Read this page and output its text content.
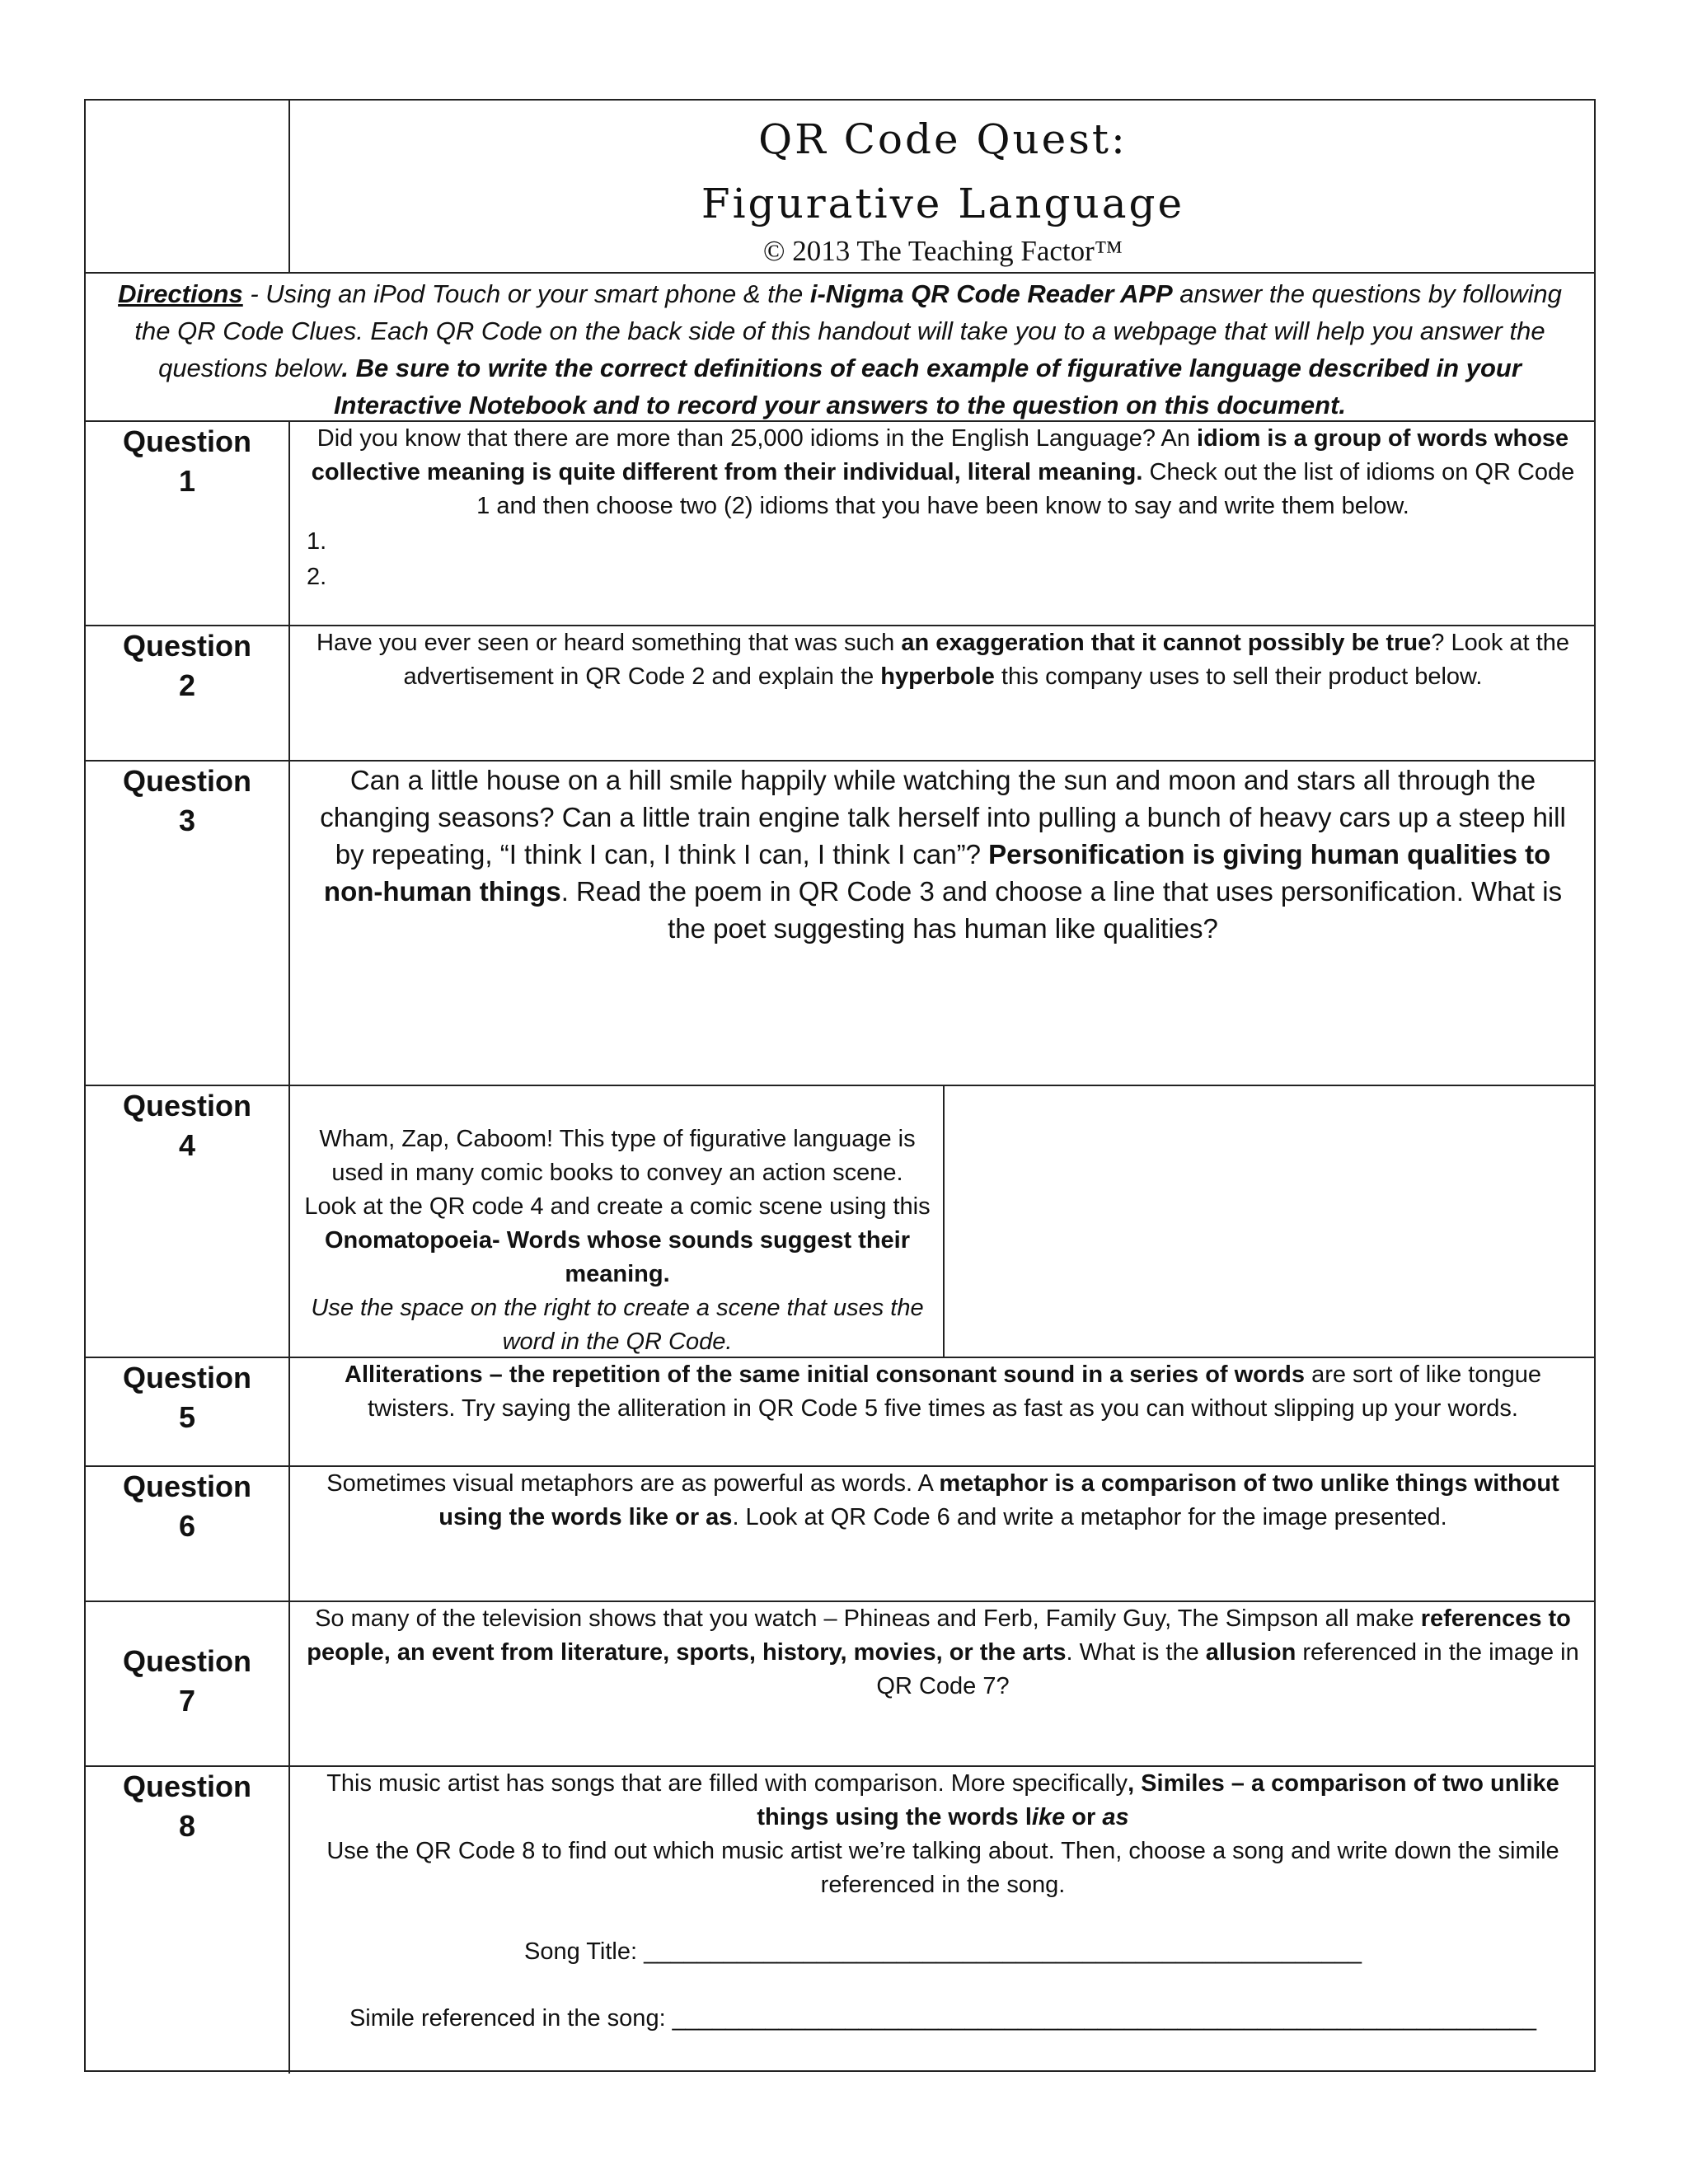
QR Code Quest:
Figurative Language
© 2013 The Teaching Factor™
Directions - Using an iPod Touch or your smart phone & the i-Nigma QR Code Reader APP answer the questions by following the QR Code Clues. Each QR Code on the back side of this handout will take you to a webpage that will help you answer the questions below. Be sure to write the correct definitions of each example of figurative language described in your Interactive Notebook and to record your answers to the question on this document.
Question
1
Did you know that there are more than 25,000 idioms in the English Language? An idiom is a group of words whose collective meaning is quite different from their individual, literal meaning. Check out the list of idioms on QR Code 1 and then choose two (2) idioms that you have been know to say and write them below.
1.
2.
Question
2
Have you ever seen or heard something that was such an exaggeration that it cannot possibly be true? Look at the advertisement in QR Code 2 and explain the hyperbole this company uses to sell their product below.
Question
3
Can a little house on a hill smile happily while watching the sun and moon and stars all through the changing seasons? Can a little train engine talk herself into pulling a bunch of heavy cars up a steep hill by repeating, “I think I can, I think I can, I think I can”? Personification is giving human qualities to non-human things. Read the poem in QR Code 3 and choose a line that uses personification. What is the poet suggesting has human like qualities?
Question
4	Wham, Zap, Caboom! This type of figurative language is used in many comic books to convey an action scene. Look at the QR code 4 and create a comic scene using this Onomatopoeia- Words whose sounds suggest their meaning.
Use the space on the right to create a scene that uses the word in the QR Code.
Question
5
Alliterations – the repetition of the same initial consonant sound in a series of words are sort of like tongue twisters. Try saying the alliteration in QR Code 5 five times as fast as you can without slipping up your words.
Question
6
Sometimes visual metaphors are as powerful as words. A metaphor is a comparison of two unlike things without using the words like or as. Look at QR Code 6 and write a metaphor for the image presented.
Question
7
So many of the television shows that you watch – Phineas and Ferb, Family Guy, The Simpson all make references to people, an event from literature, sports, history, movies, or the arts. What is the allusion referenced in the image in QR Code 7?
Question
8
This music artist has songs that are filled with comparison. More specifically, Similes – a comparison of two unlike things using the words like or as
Use the QR Code 8 to find out which music artist we’re talking about. Then, choose a song and write down the simile referenced in the song.
Song Title: ______________________________________________________
Simile referenced in the song: _________________________________________________________________
